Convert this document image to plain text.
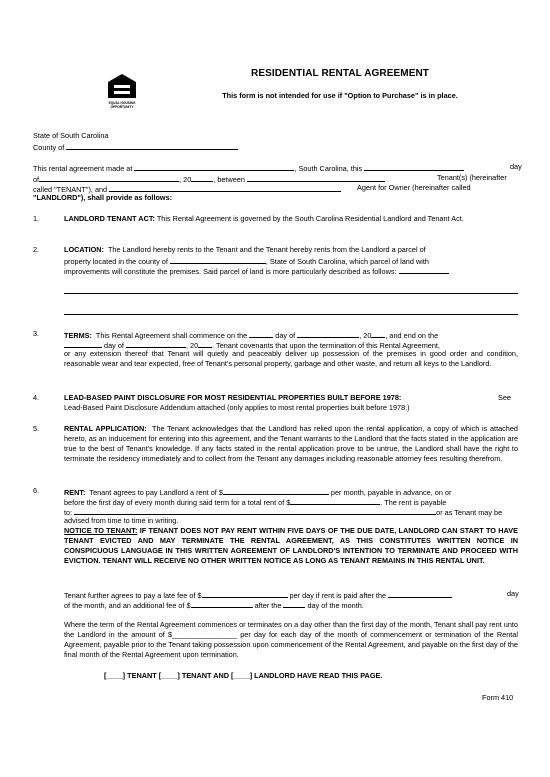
EQUAL HOUSING
OPPORTUNITY
RESIDENTIAL RENTAL AGREEMENT
This form is not intended for use if "Option to Purchase" is in place.
State of South Carolina
County of
This rental agreement made at	, South Carolina, this	day
of	, 20	, between	Tenant(s) (hereinafter
called "TENANT"), and	Agent for Owner (hereinafter called
"LANDLORD"), shall provide as follows:
1.	LANDLORD TENANT ACT: This Rental Agreement is governed by the South Carolina Residential Landlord and Tenant Act.
2.	LOCATION: The Landlord hereby rents to the Tenant and the Tenant hereby rents from the Landlord a parcel of
property located in the county of	, State of South Carolina, which parcel of land with
improvements will constitute the premises. Said parcel of land is more particularly described as follows:
3.	TERMS: This Rental Agreement shall commence on the	day of	, 20 , and end on the
day of	, 20 . Tenant covenants that upon the termination of this Rental Agreement,
or any extension thereof that Tenant will quietly and peaceably deliver up possession of the premises in good order and condition, reasonable wear and tear expected, free of Tenant's personal property, garbage and other waste, and return all keys to the Landlord.
4.	LEAD-BASED PAINT DISCLOSURE FOR MOST RESIDENTIAL PROPERTIES BUILT BEFORE 1978:	See
Lead-Based Paint Disclosure Addendum attached (only applies to most rental properties built before 1978.)
5.	RENTAL APPLICATION: The Tenant acknowledges that the Landlord has relied upon the rental application, a copy of which is attached hereto, as an inducement for entering into this agreement, and the Tenant warrants to the Landlord that the facts stated in the application are true to the best of Tenant's knowledge. If any facts stated in the rental application prove to be untrue, the Landlord shall have the right to terminate the residency immediately and to collect from the Tenant any damages including reasonable attorney fees resulting therefrom.
6.	RENT: Tenant agrees to pay Landlord a rent of $	per month, payable in advance, on or
before the first day of every month during said term for a total rent of $	. The rent is payable
to:	or as Tenant may be
advised from time to time in writing.
NOTICE TO TENANT: IF TENANT DOES NOT PAY RENT WITHIN FIVE DAYS OF THE DUE DATE, LANDLORD CAN START TO HAVE TENANT EVICTED AND MAY TERMINATE THE RENTAL AGREEMENT, AS THIS CONSTITUTES WRITTEN NOTICE IN CONSPICUOUS LANGUAGE IN THIS WRITTEN AGREEMENT OF LANDLORD'S INTENTION TO TERMINATE AND PROCEED WITH EVICTION. TENANT WILL RECEIVE NO OTHER WRITTEN NOTICE AS LONG AS TENANT REMAINS IN THIS RENTAL UNIT.
Tenant further agrees to pay a late fee of $	per day if rent is paid after the	day
of the month, and an additional fee of $	after the	day of the month.
Where the term of the Rental Agreement commences or terminates on a day other than the first day of the month, Tenant shall pay rent unto the Landlord in the amount of $________________ per day for each day of the month of commencement or termination of the Rental Agreement, payable prior to the Tenant taking possession upon commencement of the Rental Agreement, and payable on the first day of the final month of the Rental Agreement upon termination.
[____] TENANT [____] TENANT AND [____] LANDLORD HAVE READ THIS PAGE.
Form 410
